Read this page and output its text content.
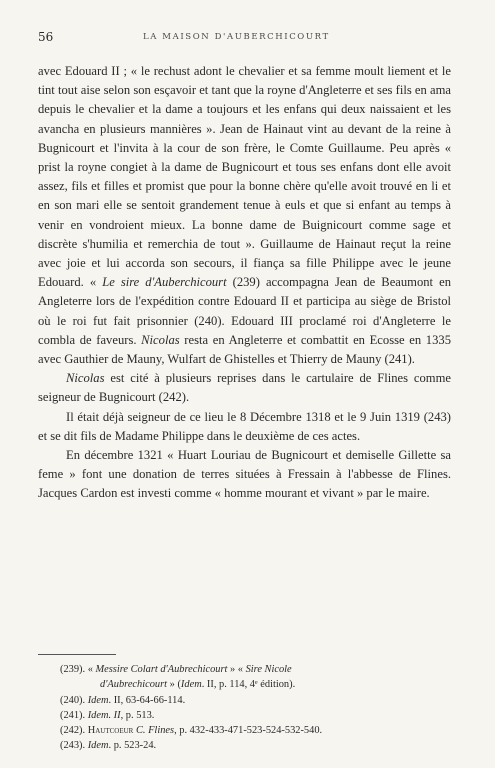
56	LA MAISON D'AUBERCHICOURT

avec Edouard II ; « le rechust adont le chevalier et sa femme moult liement et le tint tout aise selon son esçavoir et tant que la royne d'Angleterre et ses fils en ama depuis le chevalier et la dame a toujours et les enfans qui deux naissaient et les avancha en plusieurs mannières ». Jean de Hainaut vint au devant de la reine à Bugnicourt et l'invita à la cour de son frère, le Comte Guillaume. Peu après « prist la royne congiet à la dame de Bugnicourt et tous ses enfans dont elle avoit assez, fils et filles et promist que pour la bonne chère qu'elle avoit trouvé en li et en son mari elle se sentoit grandement tenue à euls et que si enfant au temps à venir en vondroient mieux. La bonne dame de Buignicourt comme sage et discrète s'humilia et remerchia de tout ». Guillaume de Hainaut reçut la reine avec joie et lui accorda son secours, il fiança sa fille Philippe avec le jeune Edouard. « Le sire d'Auberchicourt (239) accompagna Jean de Beaumont en Angleterre lors de l'expédition contre Edouard II et participa au siège de Bristol où le roi fut fait prisonnier (240). Edouard III proclamé roi d'Angleterre le combla de faveurs. Nicolas resta en Angleterre et combattit en Ecosse en 1335 avec Gauthier de Mauny, Wulfart de Ghistelles et Thierry de Mauny (241).

Nicolas est cité à plusieurs reprises dans le cartulaire de Flines comme seigneur de Bugnicourt (242).

Il était déjà seigneur de ce lieu le 8 Décembre 1318 et le 9 Juin 1319 (243) et se dit fils de Madame Philippe dans le deuxième de ces actes.

En décembre 1321 « Huart Louriau de Bugnicourt et demiselle Gillette sa feme » font une donation de terres situées à Fressain à l'abbesse de Flines. Jacques Cardon est investi comme « homme mourant et vivant » par le maire.

(239). « Messire Colart d'Aubrechicourt » « Sire Nicole
d'Aubrechicourt » (Idem. II, p. 114, 4ᵉ édition).

(240). Idem. II, 63-64-66-114.

(241). Idem. II, p. 513.

(242). Hautcoeur C. Flines, p. 432-433-471-523-524-532-540.

(243). Idem. p. 523-24.
